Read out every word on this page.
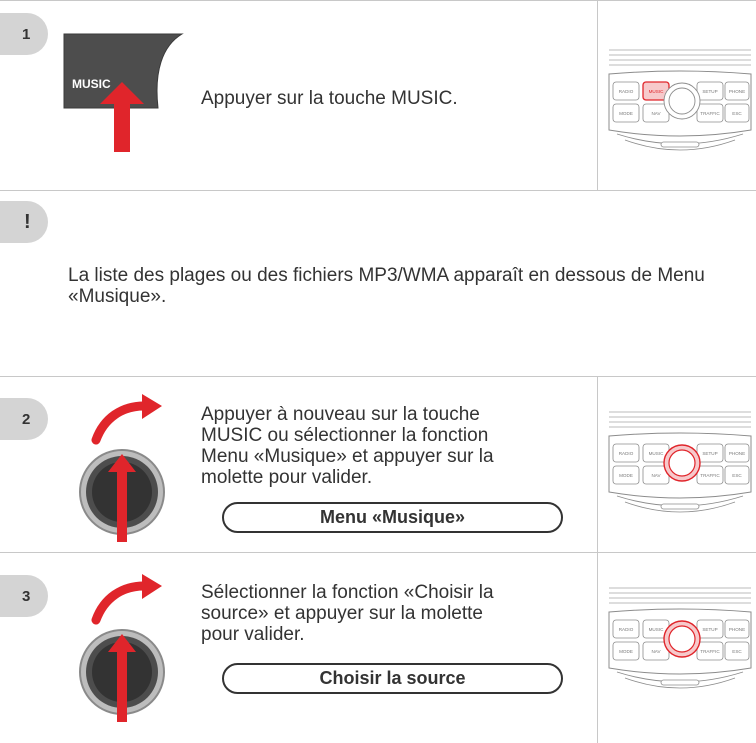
1
MUSIC
Appuyer sur la touche MUSIC.	RADIO	MUSIC	SETUP PHONE
MODE	NAV	TRAFFIC	ESC
!
La liste des plages ou des fichiers MP3/WMA apparaît en dessous de Menu «Musique».
2	Appuyer à nouveau sur la touche MUSIC ou sélectionner la fonction Menu «Musique» et appuyer sur la molette pour valider.
Menu «Musique»
RADIO	MUSIC	SETUP PHONE
MODE	NAV	TRAFFIC	ESC
3	Sélectionner la fonction «Choisir la source» et appuyer sur la molette pour valider.
Choisir la source
RADIO	MUSIC	SETUP PHONE
MODE	NAV	TRAFFIC	ESC
